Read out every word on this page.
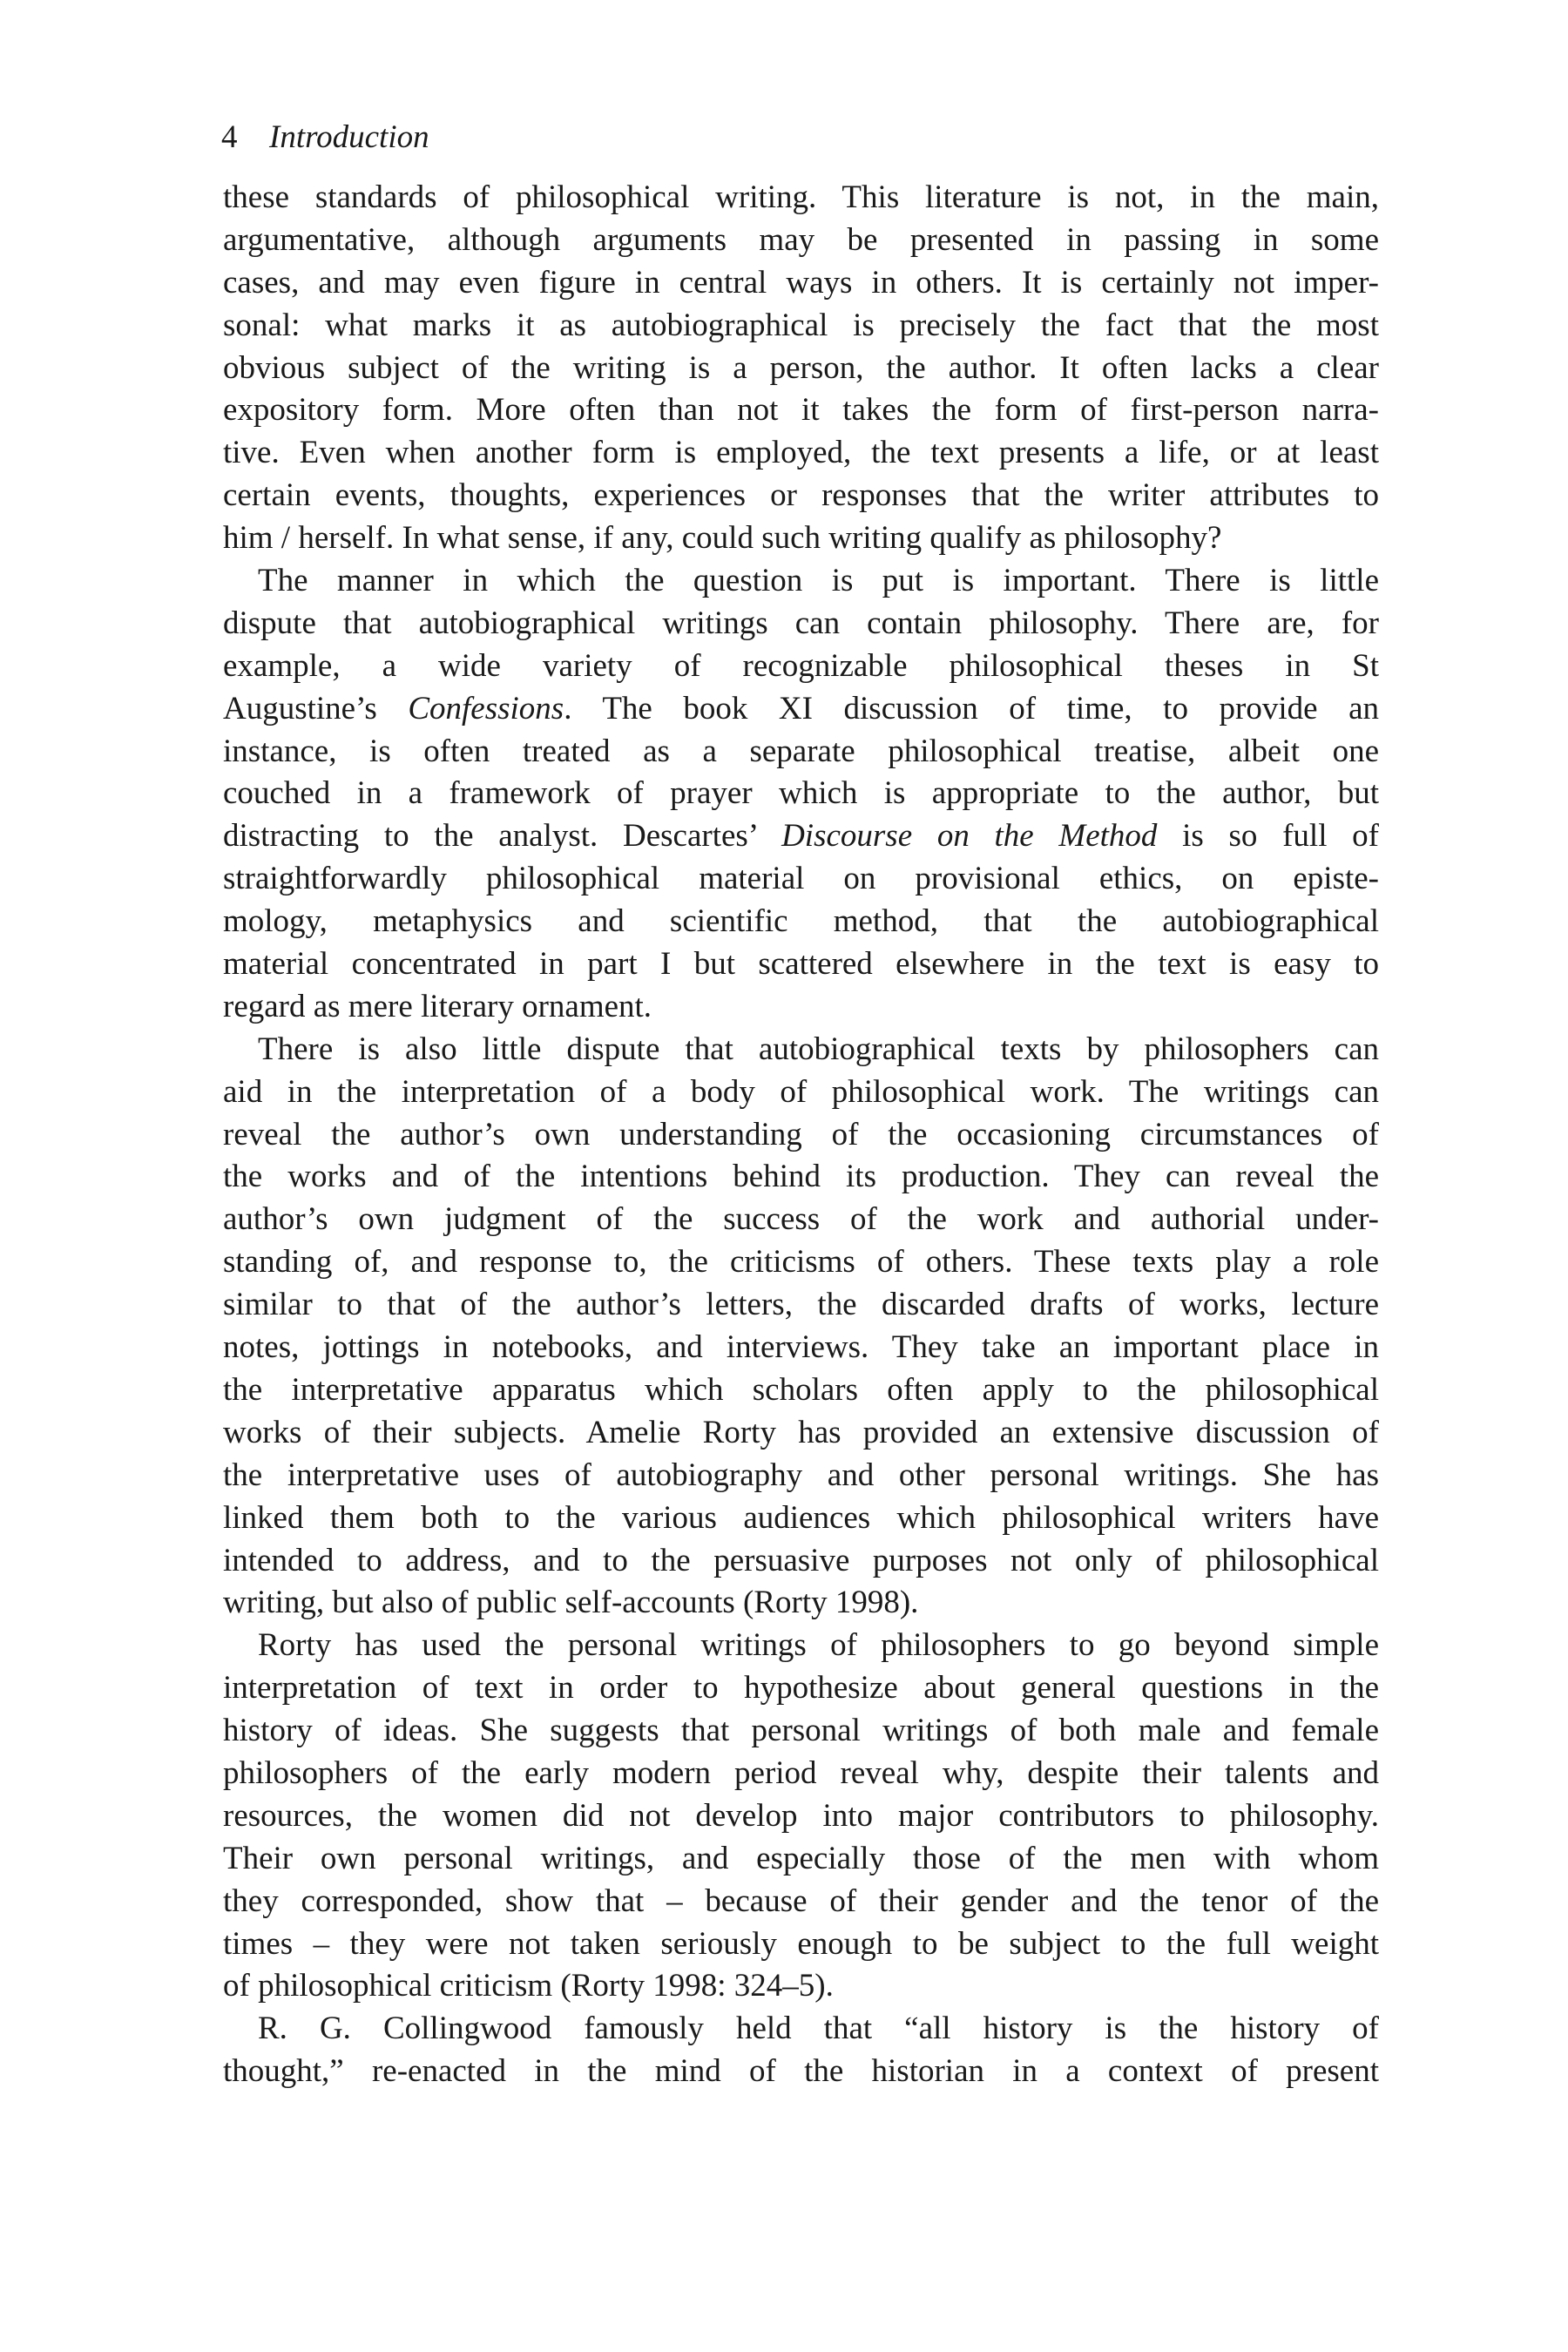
4 Introduction
these standards of philosophical writing. This literature is not, in the main,
argumentative, although arguments may be presented in passing in some
cases, and may even figure in central ways in others. It is certainly not imper-
sonal: what marks it as autobiographical is precisely the fact that the most
obvious subject of the writing is a person, the author. It often lacks a clear
expository form. More often than not it takes the form of first-person narra-
tive. Even when another form is employed, the text presents a life, or at least
certain events, thoughts, experiences or responses that the writer attributes to
him / herself. In what sense, if any, could such writing qualify as philosophy?
The manner in which the question is put is important. There is little
dispute that autobiographical writings can contain philosophy. There are, for
example, a wide variety of recognizable philosophical theses in St
Augustine’s Confessions. The book XI discussion of time, to provide an
instance, is often treated as a separate philosophical treatise, albeit one
couched in a framework of prayer which is appropriate to the author, but
distracting to the analyst. Descartes’ Discourse on the Method is so full of
straightforwardly philosophical material on provisional ethics, on episte-
mology, metaphysics and scientific method, that the autobiographical
material concentrated in part I but scattered elsewhere in the text is easy to
regard as mere literary ornament.
There is also little dispute that autobiographical texts by philosophers can
aid in the interpretation of a body of philosophical work. The writings can
reveal the author’s own understanding of the occasioning circumstances of
the works and of the intentions behind its production. They can reveal the
author’s own judgment of the success of the work and authorial under-
standing of, and response to, the criticisms of others. These texts play a role
similar to that of the author’s letters, the discarded drafts of works, lecture
notes, jottings in notebooks, and interviews. They take an important place in
the interpretative apparatus which scholars often apply to the philosophical
works of their subjects. Amelie Rorty has provided an extensive discussion of
the interpretative uses of autobiography and other personal writings. She has
linked them both to the various audiences which philosophical writers have
intended to address, and to the persuasive purposes not only of philosophical
writing, but also of public self-accounts (Rorty 1998).
Rorty has used the personal writings of philosophers to go beyond simple
interpretation of text in order to hypothesize about general questions in the
history of ideas. She suggests that personal writings of both male and female
philosophers of the early modern period reveal why, despite their talents and
resources, the women did not develop into major contributors to philosophy.
Their own personal writings, and especially those of the men with whom
they corresponded, show that – because of their gender and the tenor of the
times – they were not taken seriously enough to be subject to the full weight
of philosophical criticism (Rorty 1998: 324–5).
R. G. Collingwood famously held that “all history is the history of
thought,” re-enacted in the mind of the historian in a context of present
